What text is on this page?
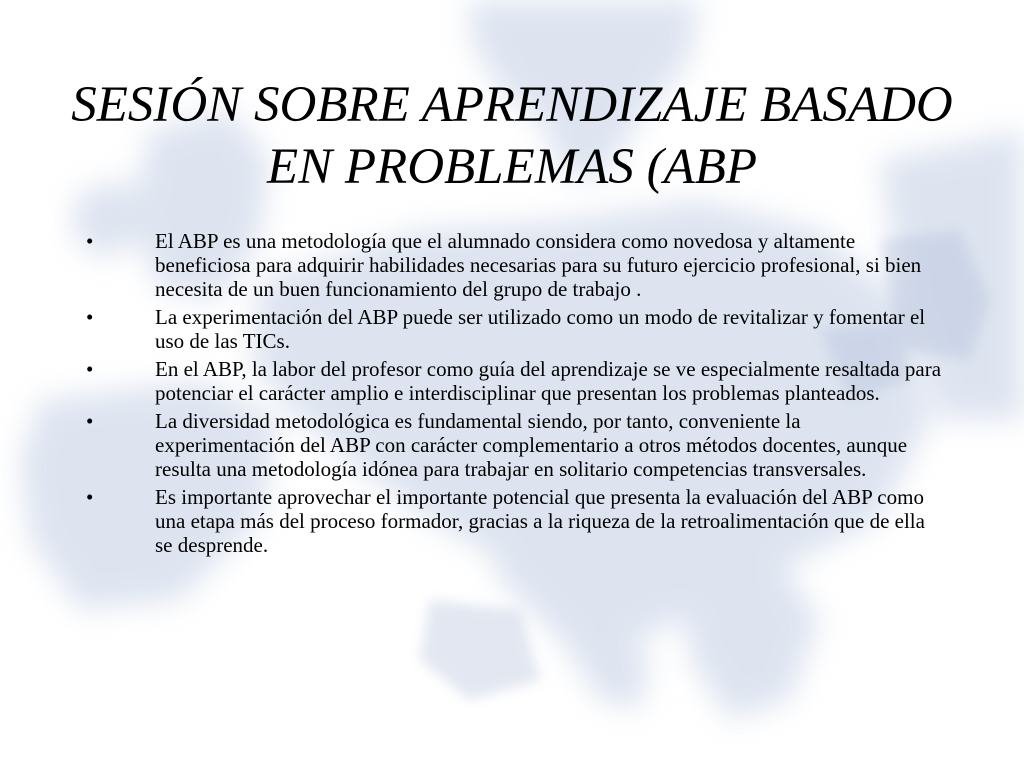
SESIÓN SOBRE APRENDIZAJE BASADO EN PROBLEMAS (ABP
•	El ABP es una metodología que el alumnado considera como novedosa y altamente beneficiosa para adquirir habilidades necesarias para su futuro ejercicio profesional, si bien necesita de un buen funcionamiento del grupo de trabajo .
•	La experimentación del ABP puede ser utilizado como un modo de revitalizar y fomentar el uso de las TICs.
•	En el ABP, la labor del profesor como guía del aprendizaje se ve especialmente resaltada para potenciar el carácter amplio e interdisciplinar que presentan los problemas planteados.
•	La diversidad metodológica es fundamental siendo, por tanto, conveniente la experimentación del ABP con carácter complementario a otros métodos docentes, aunque resulta una metodología idónea para trabajar en solitario competencias transversales.
•	Es importante aprovechar el importante potencial que presenta la evaluación del ABP como una etapa más del proceso formador, gracias a la riqueza de la retroalimentación que de ella se desprende.
